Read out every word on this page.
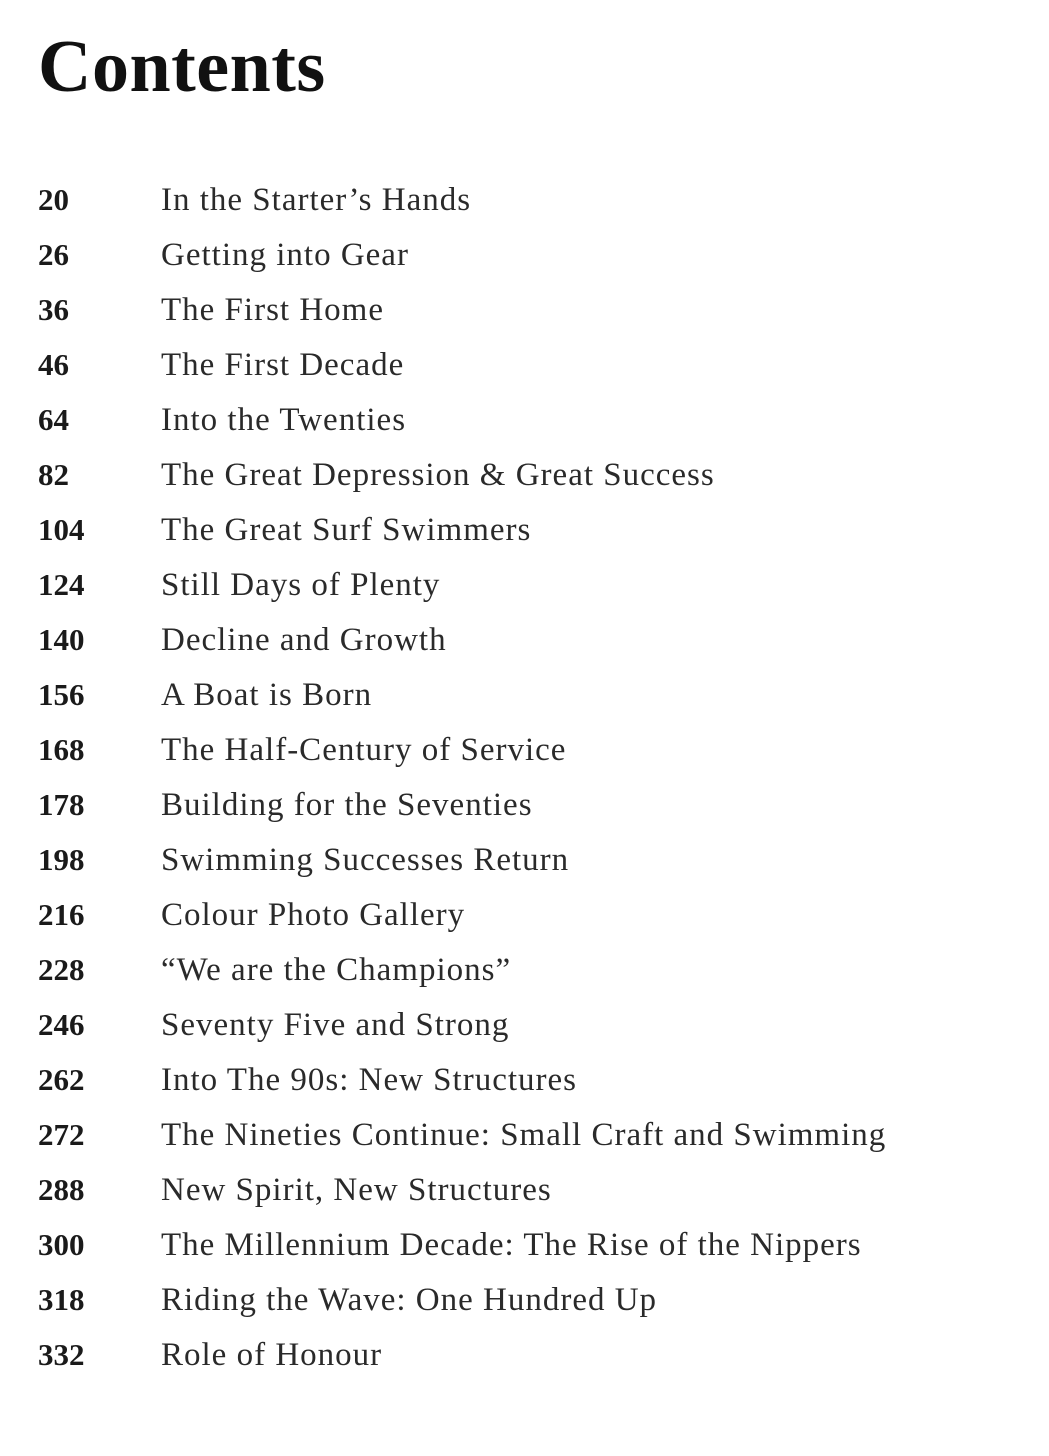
Contents
20	In the Starter’s Hands
26	Getting into Gear
36	The First Home
46	The First Decade
64	Into the Twenties
82	The Great Depression & Great Success
104	The Great Surf Swimmers
124	Still Days of Plenty
140	Decline and Growth
156	A Boat is Born
168	The Half-Century of Service
178	Building for the Seventies
198	Swimming Successes Return
216	Colour Photo Gallery
228	“We are the Champions”
246	Seventy Five and Strong
262	Into The 90s: New Structures
272	The Nineties Continue: Small Craft and Swimming
288	New Spirit, New Structures
300	The Millennium Decade: The Rise of the Nippers
318	Riding the Wave: One Hundred Up
332	Role of Honour
